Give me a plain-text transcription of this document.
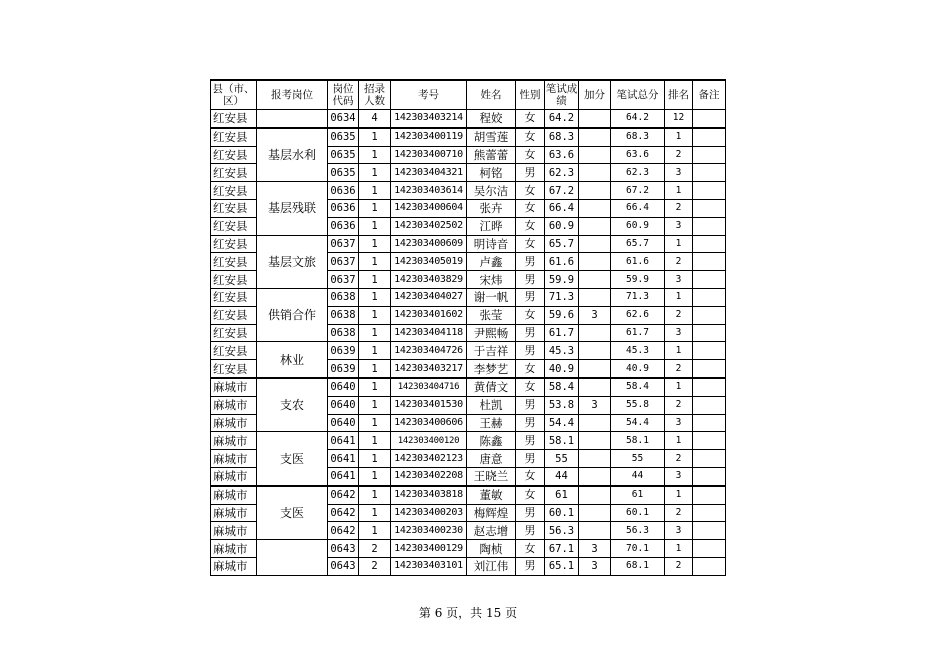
县（市、区）	报考岗位	岗位代码	招录人数	考号	姓名	性别	笔试成绩	加分	笔试总分	排名	备注
红安县		0634	4	142303403214	程姣	女	64.2		64.2	12	
红安县	基层水利	0635	1	142303400119	胡雪莲	女	68.3		68.3	1	
红安县		0635	1	142303400710	熊蕾蕾	女	63.6		63.6	2	
红安县		0635	1	142303404321	柯铭	男	62.3		62.3	3	
红安县	基层残联	0636	1	142303403614	吴尔洁	女	67.2		67.2	1	
红安县		0636	1	142303400604	张卉	女	66.4		66.4	2	
红安县		0636	1	142303402502	江晔	女	60.9		60.9	3	
红安县	基层文旅	0637	1	142303400609	明诗音	女	65.7		65.7	1	
红安县		0637	1	142303405019	卢鑫	男	61.6		61.6	2	
红安县		0637	1	142303403829	宋炜	男	59.9		59.9	3	
红安县	供销合作	0638	1	142303404027	谢一帆	男	71.3		71.3	1	
红安县		0638	1	142303401602	张莹	女	59.6	3	62.6	2	
红安县		0638	1	142303404118	尹熙畅	男	61.7		61.7	3	
红安县	林业	0639	1	142303404726	于吉祥	男	45.3		45.3	1	
红安县		0639	1	142303403217	李梦艺	女	40.9		40.9	2	
麻城市	支农	0640	1	142303404716	黄倩文	女	58.4		58.4	1	
麻城市		0640	1	142303401530	杜凯	男	53.8	3	55.8	2	
麻城市		0640	1	142303400606	王赫	男	54.4		54.4	3	
麻城市	支医	0641	1	142303400120	陈鑫	男	58.1		58.1	1	
麻城市		0641	1	142303402123	唐意	男	55		55	2	
麻城市		0641	1	142303402208	王晓兰	女	44		44	3	
麻城市	支医	0642	1	142303403818	董敏	女	61		61	1	
麻城市		0642	1	142303400203	梅辉煌	男	60.1		60.1	2	
麻城市		0642	1	142303400230	赵志增	男	56.3		56.3	3	
麻城市		0643	2	142303400129	陶桢	女	67.1	3	70.1	1	
麻城市		0643	2	142303403101	刘江伟	男	65.1	3	68.1	2	
第 6 页，共 15 页
